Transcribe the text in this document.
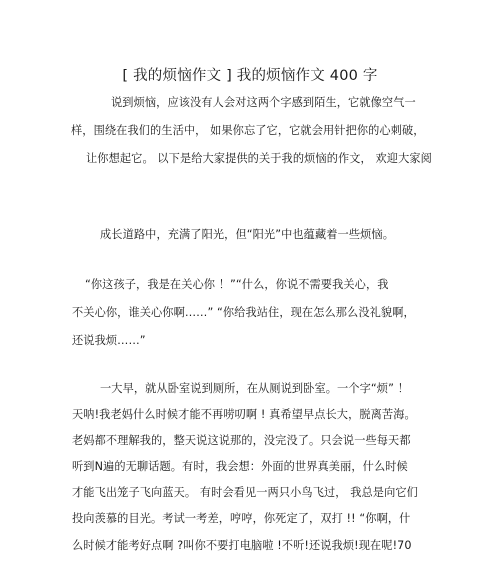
[ 我的烦恼作文 ] 我的烦恼作文 400 字
说到烦恼，应该没有人会对这两个字感到陌生，它就像空气一
样，围绕在我们的生活中， 如果你忘了它，它就会用针把你的心刺破，
让你想起它。 以下是给大家提供的关于我的烦恼的作文， 欢迎大家阅
成长道路中，充满了阳光，但“阳光”中也蕴藏着一些烦恼。
“你这孩子，我是在关心你 ！”“什么，你说不需要我关心，我
不关心你，谁关心你啊……” “你给我站住，现在怎么那么没礼貌啊，
还说我烦……”
一大早，就从卧室说到厕所，在从厕说到卧室。一个字“烦” ！
天呐!我老妈什么时候才能不再唠叨啊 ! 真希望早点长大，脱离苦海。
老妈都不理解我的，整天说这说那的，没完没了。只会说一些每天都
听到N遍的无聊话题。有时，我会想：外面的世界真美丽，什么时候
才能飞出笼子飞向蓝天。 有时会看见一两只小鸟飞过， 我总是向它们
投向羡慕的目光。考试一考差，哼哼，你死定了，双打 !! “你啊，什
么时候才能考好点啊 ?叫你不要打电脑啦 !不听!还说我烦!现在呢!70
